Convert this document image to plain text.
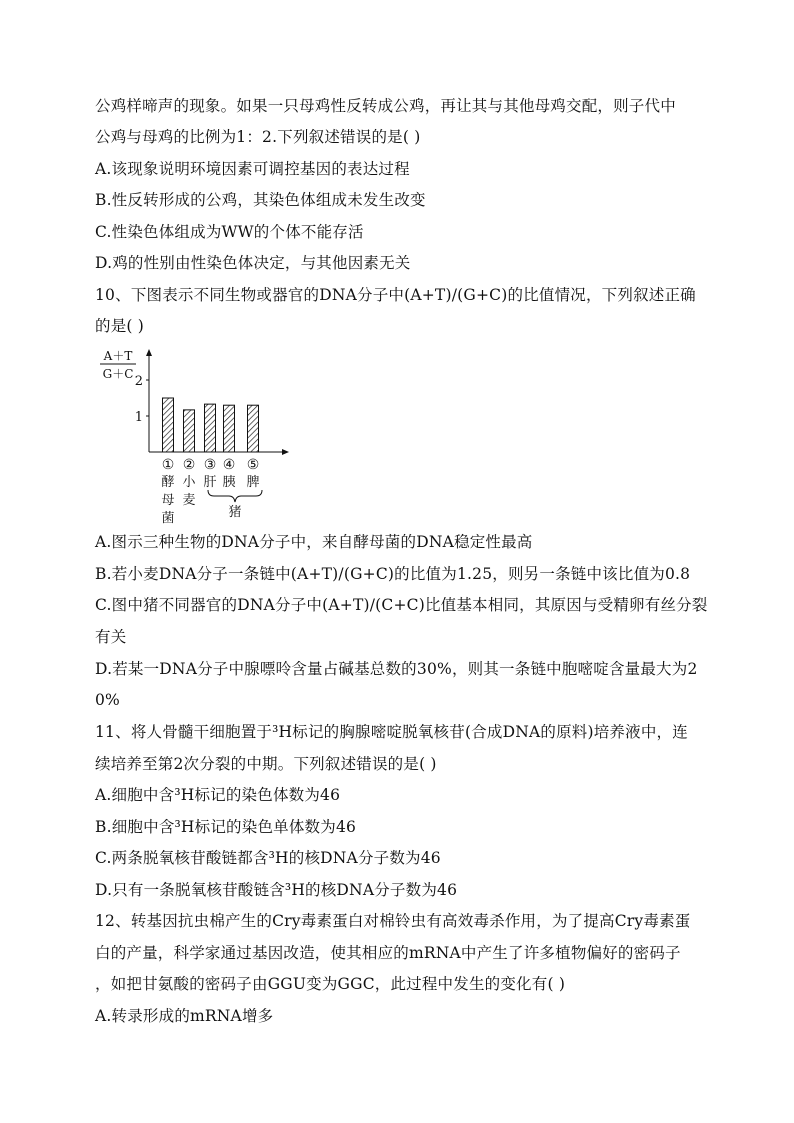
公鸡样啼声的现象。如果一只母鸡性反转成公鸡，再让其与其他母鸡交配，则子代中
公鸡与母鸡的比例为1：2.下列叙述错误的是( )
A.该现象说明环境因素可调控基因的表达过程
B.性反转形成的公鸡，其染色体组成未发生改变
C.性染色体组成为WW的个体不能存活
D.鸡的性别由性染色体决定，与其他因素无关
10、下图表示不同生物或器官的DNA分子中(A+T)/(G+C)的比值情况，下列叙述正确
的是( )
A.图示三种生物的DNA分子中，来自酵母菌的DNA稳定性最高
B.若小麦DNA分子一条链中(A+T)/(G+C)的比值为1.25，则另一条链中该比值为0.8
C.图中猪不同器官的DNA分子中(A+T)/(C+C)比值基本相同，其原因与受精卵有丝分裂
有关
D.若某一DNA分子中腺嘌呤含量占碱基总数的30%，则其一条链中胞嘧啶含量最大为2
0%
11、将人骨髓干细胞置于³H标记的胸腺嘧啶脱氧核苷(合成DNA的原料)培养液中，连
续培养至第2次分裂的中期。下列叙述错误的是( )
A.细胞中含³H标记的染色体数为46
B.细胞中含³H标记的染色单体数为46
C.两条脱氧核苷酸链都含³H的核DNA分子数为46
D.只有一条脱氧核苷酸链含³H的核DNA分子数为46
12、转基因抗虫棉产生的Cry毒素蛋白对棉铃虫有高效毒杀作用，为了提高Cry毒素蛋
白的产量，科学家通过基因改造，使其相应的mRNA中产生了许多植物偏好的密码子
，如把甘氨酸的密码子由GGU变为GGC，此过程中发生的变化有( )
A.转录形成的mRNA增多
A＋T
G＋C
1
2
①
酵
母
菌
②
小
麦
③
肝
④
胰
⑤
脾
猪
